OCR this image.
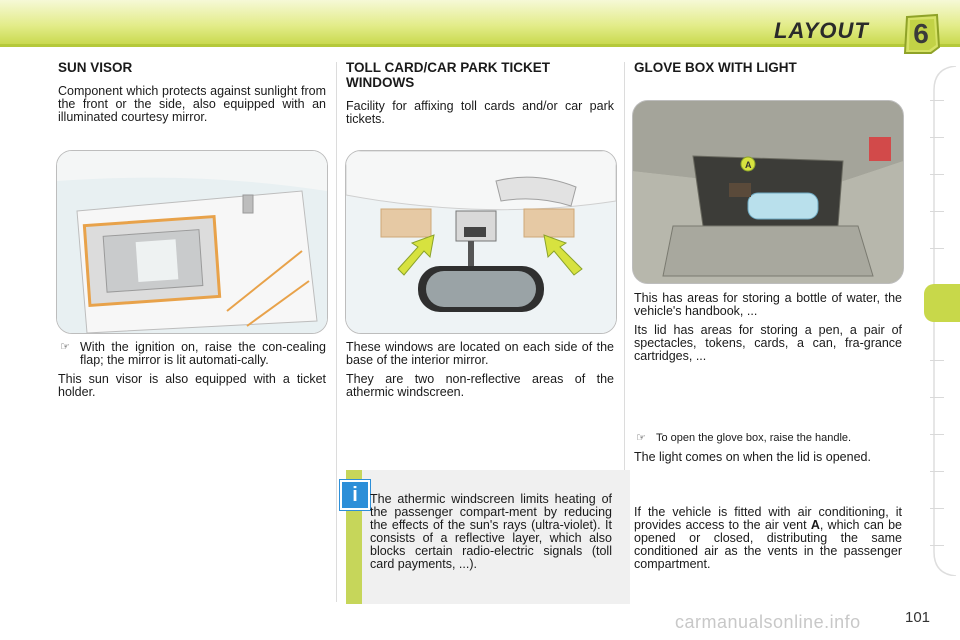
LAYOUT	6
SUN VISOR

Component which protects against sunlight from the front or the side, also equipped with an illuminated courtesy mirror.

☞ With the ignition on, raise the con-cealing flap; the mirror is lit automati-cally.

This sun visor is also equipped with a ticket holder.

TOLL CARD/CAR PARK TICKET WINDOWS

Facility for affixing toll cards and/or car park tickets.

These windows are located on each side of the base of the interior mirror.

They are two non-reflective areas of the athermic windscreen.

i The athermic windscreen limits heating of the passenger compart-ment by reducing the effects of the sun's rays (ultra-violet). It consists of a reflective layer, which also blocks certain radio-electric signals (toll card payments, ...).
GLOVE BOX WITH LIGHT
A

This has areas for storing a bottle of water, the vehicle's handbook, ...

Its lid has areas for storing a pen, a pair of spectacles, tokens, cards, a can, fra-grance cartridges, ...

☞ To open the glove box, raise the handle.

The light comes on when the lid is opened.

If the vehicle is fitted with air conditioning, it provides access to the air vent A, which can be opened or closed, distributing the same conditioned air as the vents in the passenger compartment.

carmanualsonline.info	101
